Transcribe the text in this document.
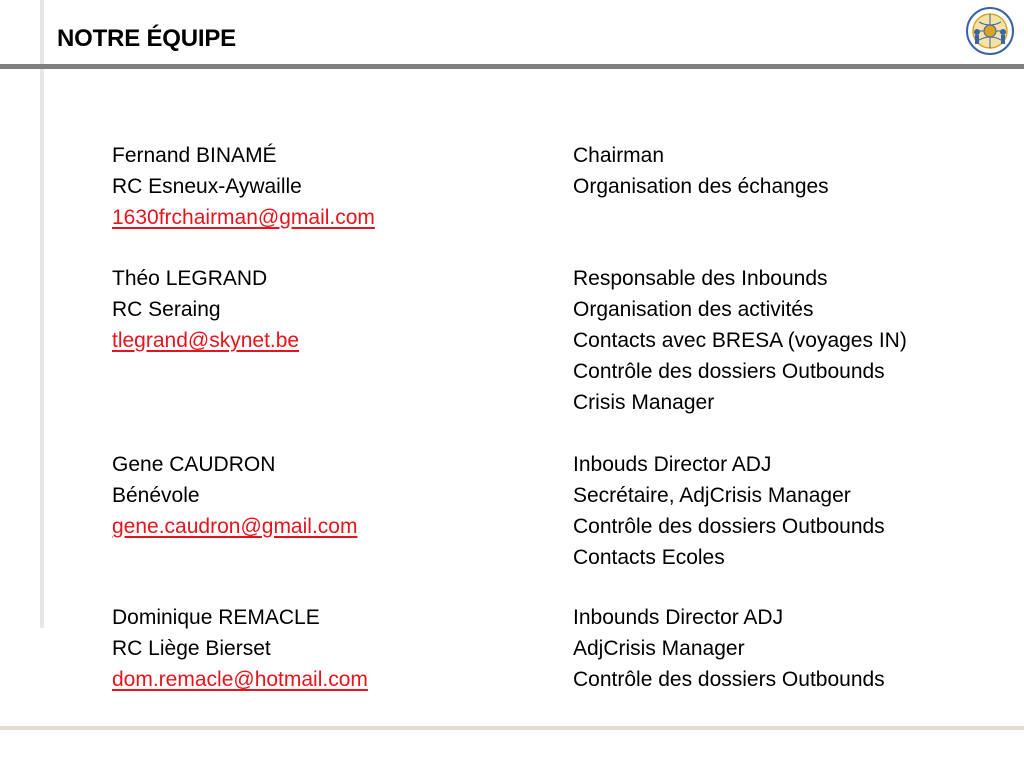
NOTRE ÉQUIPE
Fernand BINAMÉ
RC Esneux-Aywaille
1630frchairman@gmail.com
Chairman
Organisation des échanges
Théo LEGRAND
RC Seraing
tlegrand@skynet.be
Responsable des Inbounds
Organisation des activités
Contacts avec BRESA (voyages IN)
Contrôle des dossiers Outbounds
Crisis Manager
Gene CAUDRON
Bénévole
gene.caudron@gmail.com
Inbouds Director ADJ
Secrétaire, AdjCrisis Manager
Contrôle des dossiers Outbounds
Contacts Ecoles
Dominique REMACLE
RC Liège Bierset
dom.remacle@hotmail.com
Inbounds Director ADJ
AdjCrisis Manager
Contrôle des dossiers Outbounds
